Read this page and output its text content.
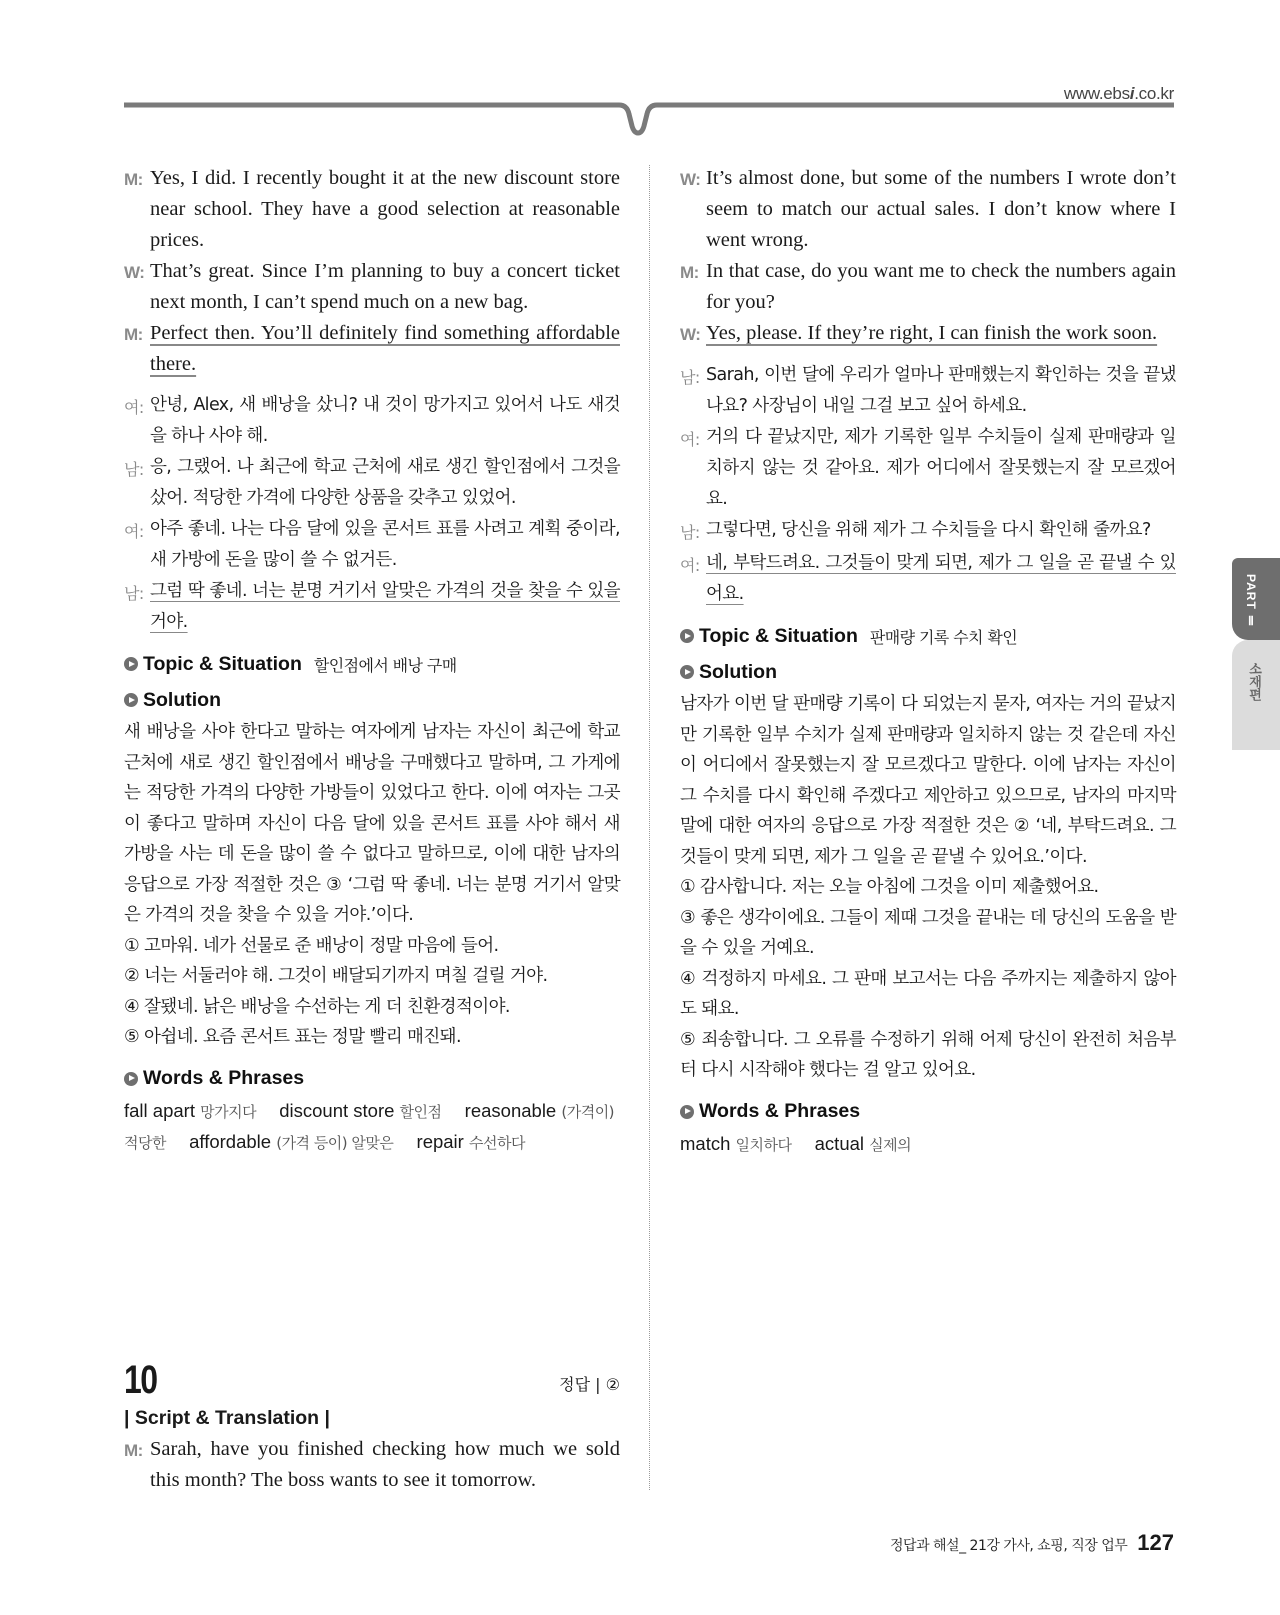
www.ebsi.co.kr
M: Yes, I did. I recently bought it at the new discount store near school. They have a good selection at reasonable prices.
W: That’s great. Since I’m planning to buy a concert ticket next month, I can’t spend much on a new bag.
M: Perfect then. You’ll definitely find something affordable there.
여: 안녕, Alex, 새 배낭을 샀니? 내 것이 망가지고 있어서 나도 새것을 하나 사야 해.
남: 응, 그랬어. 나 최근에 학교 근처에 새로 생긴 할인점에서 그것을 샀어. 적당한 가격에 다양한 상품을 갖추고 있었어.
여: 아주 좋네. 나는 다음 달에 있을 콘서트 표를 사려고 계획 중이라, 새 가방에 돈을 많이 쓸 수 없거든.
남: 그럼 딱 좋네. 너는 분명 거기서 알맞은 가격의 것을 찾을 수 있을 거야.
Topic & Situation 할인점에서 배낭 구매
Solution
새 배낭을 사야 한다고 말하는 여자에게 남자는 자신이 최근에 학교 근처에 새로 생긴 할인점에서 배낭을 구매했다고 말하며, 그 가게에는 적당한 가격의 다양한 가방들이 있었다고 한다. 이에 여자는 그곳이 좋다고 말하며 자신이 다음 달에 있을 콘서트 표를 사야 해서 새 가방을 사는 데 돈을 많이 쓸 수 없다고 말하므로, 이에 대한 남자의 응답으로 가장 적절한 것은 ③ ‘그럼 딱 좋네. 너는 분명 거기서 알맞은 가격의 것을 찾을 수 있을 거야.’이다.
① 고마워. 네가 선물로 준 배낭이 정말 마음에 들어.
② 너는 서둘러야 해. 그것이 배달되기까지 며칠 걸릴 거야.
④ 잘됐네. 낡은 배낭을 수선하는 게 더 친환경적이야.
⑤ 아쉽네. 요즘 콘서트 표는 정말 빨리 매진돼.
Words & Phrases
fall apart 망가지다 discount store 할인점 reasonable (가격이) 적당한 affordable (가격 등이) 알맞은 repair 수선하다
10	정답 | ②
| Script & Translation |
M: Sarah, have you finished checking how much we sold this month? The boss wants to see it tomorrow.
W: It’s almost done, but some of the numbers I wrote don’t seem to match our actual sales. I don’t know where I went wrong.
M: In that case, do you want me to check the numbers again for you?
W: Yes, please. If they’re right, I can finish the work soon.
남: Sarah, 이번 달에 우리가 얼마나 판매했는지 확인하는 것을 끝냈나요? 사장님이 내일 그걸 보고 싶어 하세요.
여: 거의 다 끝났지만, 제가 기록한 일부 수치들이 실제 판매량과 일치하지 않는 것 같아요. 제가 어디에서 잘못했는지 잘 모르겠어요.
남: 그렇다면, 당신을 위해 제가 그 수치들을 다시 확인해 줄까요?
여: 네, 부탁드려요. 그것들이 맞게 되면, 제가 그 일을 곧 끝낼 수 있어요.
Topic & Situation 판매량 기록 수치 확인
Solution
남자가 이번 달 판매량 기록이 다 되었는지 묻자, 여자는 거의 끝났지만 기록한 일부 수치가 실제 판매량과 일치하지 않는 것 같은데 자신이 어디에서 잘못했는지 잘 모르겠다고 말한다. 이에 남자는 자신이 그 수치를 다시 확인해 주겠다고 제안하고 있으므로, 남자의 마지막 말에 대한 여자의 응답으로 가장 적절한 것은 ② ‘네, 부탁드려요. 그것들이 맞게 되면, 제가 그 일을 곧 끝낼 수 있어요.’이다.
① 감사합니다. 저는 오늘 아침에 그것을 이미 제출했어요.
③ 좋은 생각이에요. 그들이 제때 그것을 끝내는 데 당신의 도움을 받을 수 있을 거예요.
④ 걱정하지 마세요. 그 판매 보고서는 다음 주까지는 제출하지 않아도 돼요.
⑤ 죄송합니다. 그 오류를 수정하기 위해 어제 당신이 완전히 처음부터 다시 시작해야 했다는 걸 알고 있어요.
Words & Phrases
match 일치하다 actual 실제의
PART Ⅱ
소재편
정답과 해설_ 21강 가사, 쇼핑, 직장 업무 127
